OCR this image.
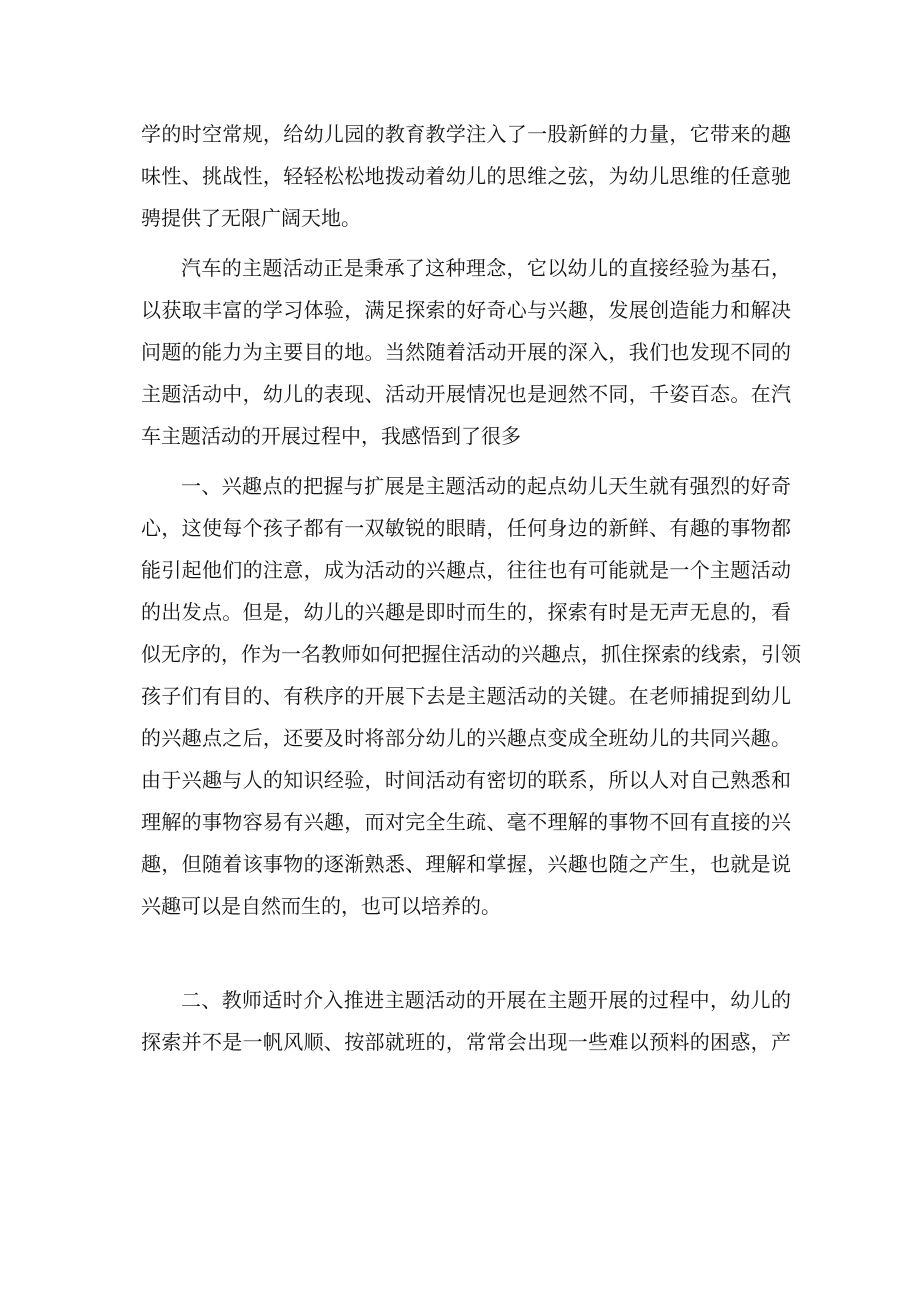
学的时空常规，给幼儿园的教育教学注入了一股新鲜的力量，它带来的趣
味性、挑战性，轻轻松松地拨动着幼儿的思维之弦，为幼儿思维的任意驰
骋提供了无限广阔天地。
汽车的主题活动正是秉承了这种理念，它以幼儿的直接经验为基石，
以获取丰富的学习体验，满足探索的好奇心与兴趣，发展创造能力和解决
问题的能力为主要目的地。当然随着活动开展的深入，我们也发现不同的
主题活动中，幼儿的表现、活动开展情况也是迥然不同，千姿百态。在汽
车主题活动的开展过程中，我感悟到了很多
一、兴趣点的把握与扩展是主题活动的起点幼儿天生就有强烈的好奇
心，这使每个孩子都有一双敏锐的眼睛，任何身边的新鲜、有趣的事物都
能引起他们的注意，成为活动的兴趣点，往往也有可能就是一个主题活动
的出发点。但是，幼儿的兴趣是即时而生的，探索有时是无声无息的，看
似无序的，作为一名教师如何把握住活动的兴趣点，抓住探索的线索，引领
孩子们有目的、有秩序的开展下去是主题活动的关键。在老师捕捉到幼儿
的兴趣点之后，还要及时将部分幼儿的兴趣点变成全班幼儿的共同兴趣。
由于兴趣与人的知识经验，时间活动有密切的联系，所以人对自己熟悉和
理解的事物容易有兴趣，而对完全生疏、毫不理解的事物不回有直接的兴
趣，但随着该事物的逐渐熟悉、理解和掌握，兴趣也随之产生，也就是说
兴趣可以是自然而生的，也可以培养的。
二、教师适时介入推进主题活动的开展在主题开展的过程中，幼儿的
探索并不是一帆风顺、按部就班的，常常会出现一些难以预料的困惑，产
